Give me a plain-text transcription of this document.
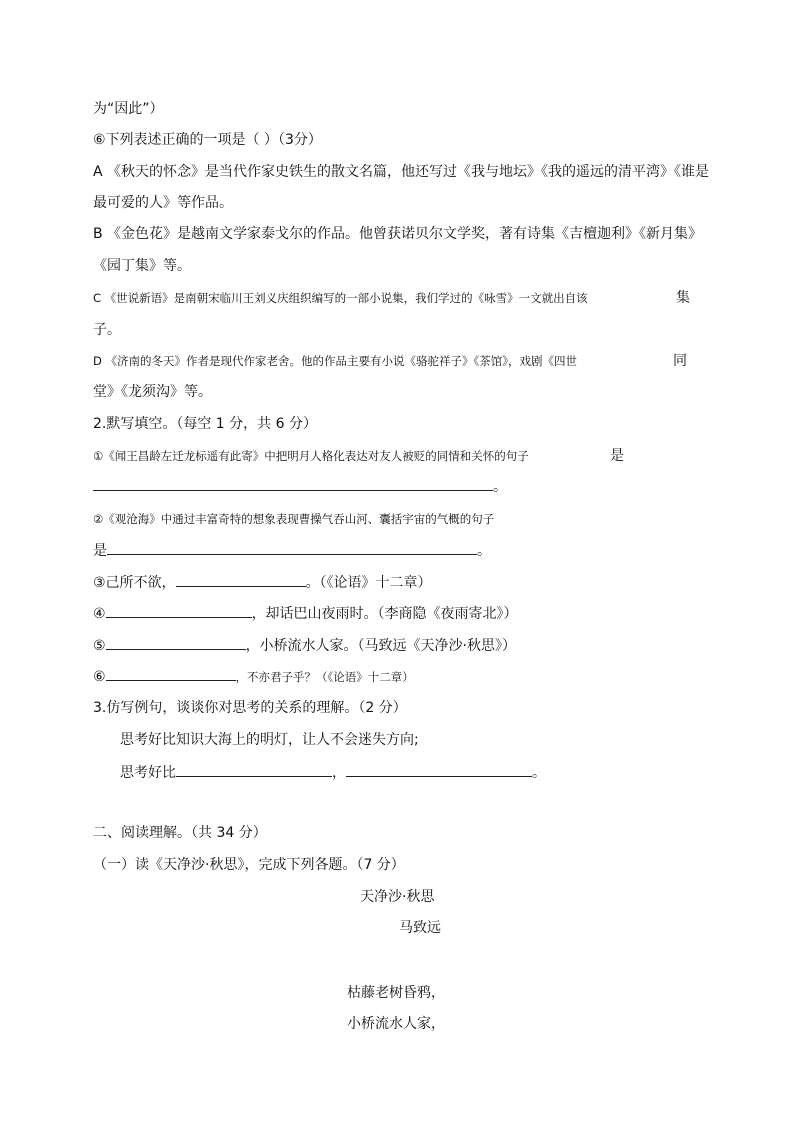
为“因此”）
⑥下列表述正确的一项是（ ）（3分）
A 《秋天的怀念》是当代作家史铁生的散文名篇，他还写过《我与地坛》《我的遥远的清平湾》《谁是
最可爱的人》等作品。
B 《金色花》是越南文学家泰戈尔的作品。他曾获诺贝尔文学奖，著有诗集《吉檀迦利》《新月集》
《园丁集》等。
C 《世说新语》是南朝宋临川王刘义庆组织编写的一部小说集，我们学过的《咏雪》一文就出自该	集
子。
D 《济南的冬天》作者是现代作家老舍。他的作品主要有小说《骆驼祥子》《茶馆》，戏剧《四世	同
堂》《龙须沟》等。
2.默写填空。（每空 1 分，共 6 分）
①《闻王昌龄左迁龙标遥有此寄》中把明月人格化表达对友人被贬的同情和关怀的句子	是
。
②《观沧海》中通过丰富奇特的想象表现曹操气吞山河、囊括宇宙的气概的句子
是	。
③己所不欲，	。（《论语》十二章）
④	，却话巴山夜雨时。（李商隐《夜雨寄北》）
⑤	，小桥流水人家。（马致远《天净沙·秋思》）
⑥	，不亦君子乎？（《论语》十二章）
3.仿写例句，谈谈你对思考的关系的理解。（2 分）
思考好比知识大海上的明灯，让人不会迷失方向;
思考好比	，	。
二、阅读理解。（共 34 分）
（一）读《天净沙·秋思》，完成下列各题。（7 分）
天净沙·秋思
马致远
枯藤老树昏鸦，
小桥流水人家，
